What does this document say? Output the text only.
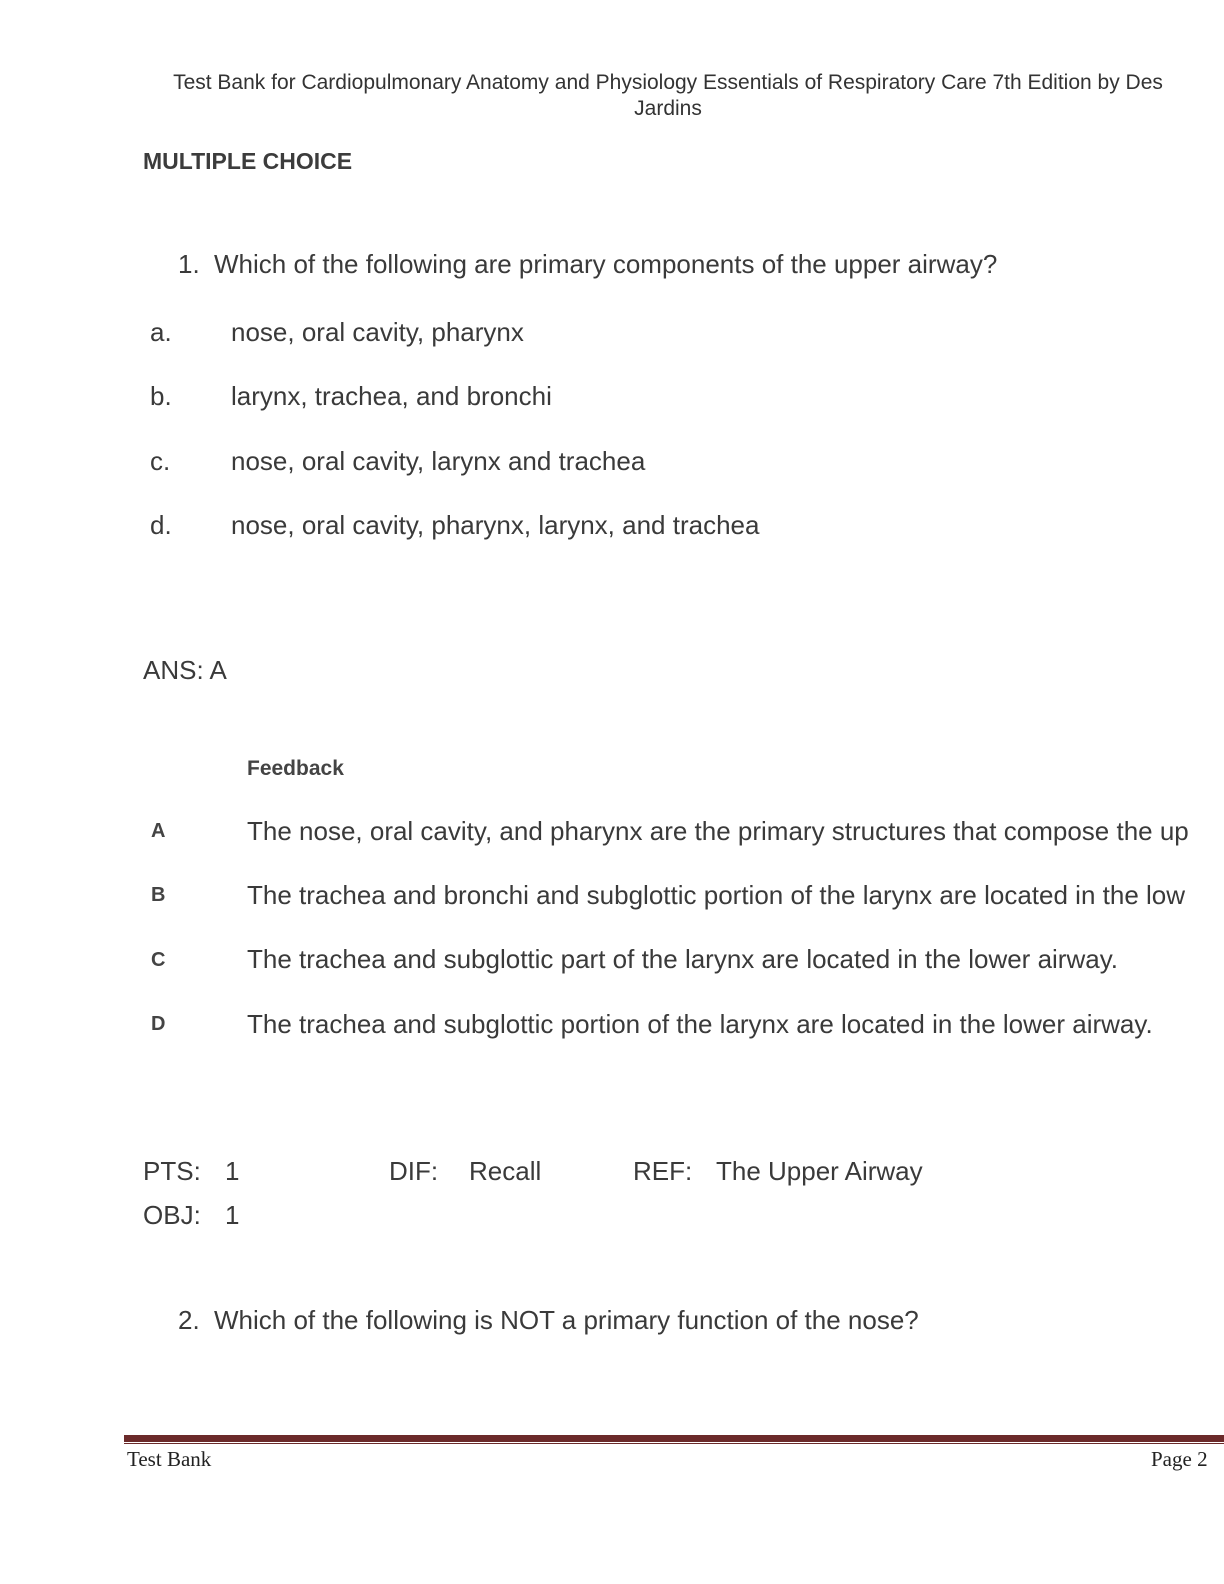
Test Bank for Cardiopulmonary Anatomy and Physiology Essentials of Respiratory Care 7th Edition by Des Jardins
MULTIPLE CHOICE
1. Which of the following are primary components of the upper airway?
a. nose, oral cavity, pharynx
b. larynx, trachea, and bronchi
c. nose, oral cavity, larynx and trachea
d. nose, oral cavity, pharynx, larynx, and trachea
ANS: A
Feedback
A	The nose, oral cavity, and pharynx are the primary structures that compose the up
B	The trachea and bronchi and subglottic portion of the larynx are located in the low
C	The trachea and subglottic part of the larynx are located in the lower airway.
D	The trachea and subglottic portion of the larynx are located in the lower airway.
PTS: 1	DIF: Recall	REF: The Upper Airway
OBJ: 1
2. Which of the following is NOT a primary function of the nose?
Test Bank	Page 2
